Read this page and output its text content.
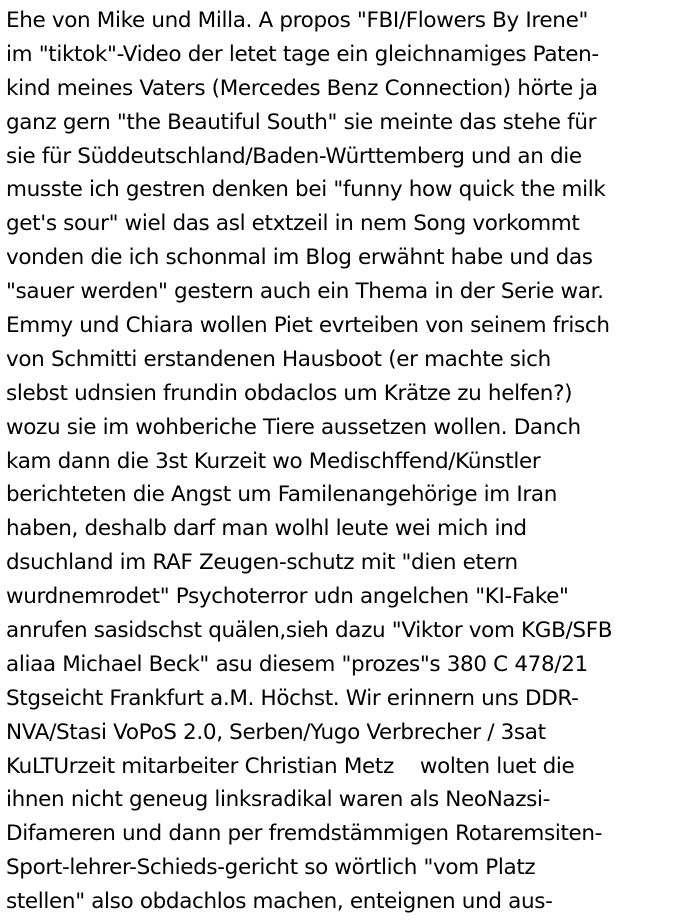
Ehe von Mike und Milla. A propos "FBI/Flowers By Irene"
im "tiktok"-Video der letet tage ein gleichnamiges Paten-
kind meines Vaters (Mercedes Benz Connection) hörte ja
ganz gern "the Beautiful South" sie meinte das stehe für
sie für Süddeutschland/Baden-Württemberg und an die
musste ich gestren denken bei "funny how quick the milk
get's sour" wiel das asl etxtzeil in nem Song vorkommt
vonden die ich schonmal im Blog erwähnt habe und das
"sauer werden" gestern auch ein Thema in der Serie war.
Emmy und Chiara wollen Piet evrteiben von seinem frisch
von Schmitti erstandenen Hausboot (er machte sich
slebst udnsien frundin obdaclos um Krätze zu helfen?)
wozu sie im wohberiche Tiere aussetzen wollen. Danch
kam dann die 3st Kurzeit wo Medischffend/Künstler
berichteten die Angst um Familenangehörige im Iran
haben, deshalb darf man wolhl leute wei mich ind
dsuchland im RAF Zeugen-schutz mit "dien etern
wurdnemrodet" Psychoterror udn angelchen "KI-Fake"
anrufen sasidschst quälen,sieh dazu "Viktor vom KGB/SFB
aliaa Michael Beck" asu diesem "prozes"s 380 C 478/21
Stgseicht Frankfurt a.M. Höchst. Wir erinnern uns DDR-
NVA/Stasi VoPoS 2.0, Serben/Yugo Verbrecher / 3sat
KuLTUrzeit mitarbeiter Christian Metz    wolten luet die
ihnen nicht geneug linksradikal waren als NeoNazsi-
Difameren und dann per fremdstämmigen Rotaremsiten-
Sport-lehrer-Schieds-gericht so wörtlich "vom Platz
stellen" also obdachlos machen, enteignen und aus-
